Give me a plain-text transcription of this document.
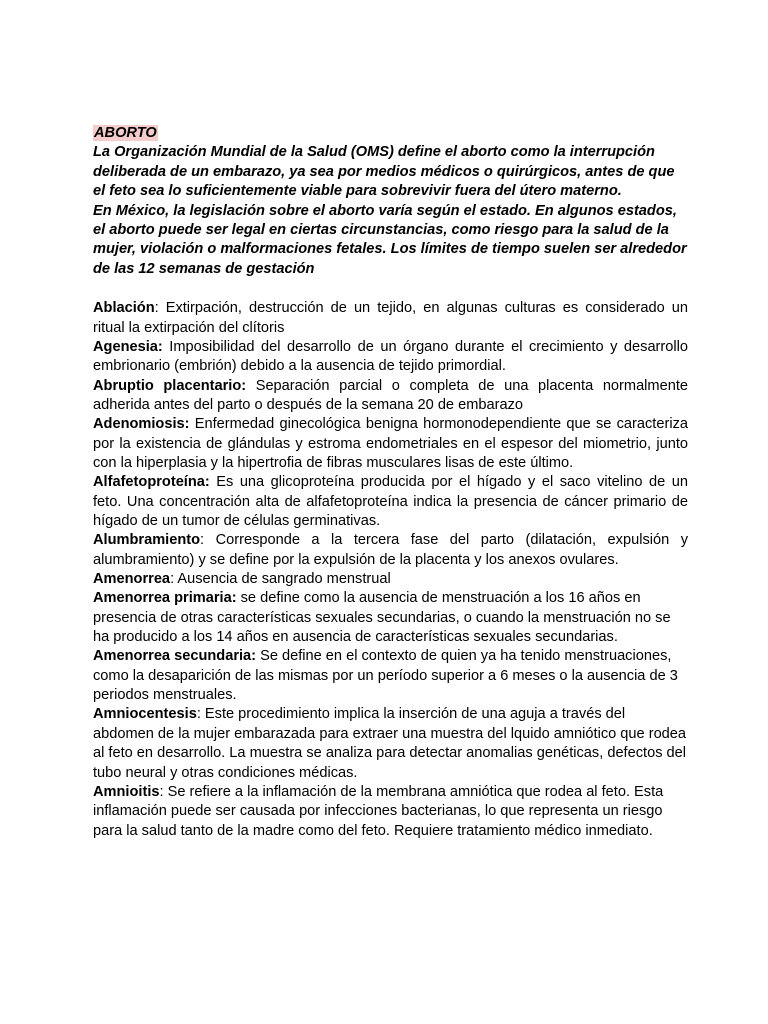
ABORTO

La Organización Mundial de la Salud (OMS) define el aborto como la interrupción deliberada de un embarazo, ya sea por medios médicos o quirúrgicos, antes de que el feto sea lo suficientemente viable para sobrevivir fuera del útero materno.

En México, la legislación sobre el aborto varía según el estado. En algunos estados, el aborto puede ser legal en ciertas circunstancias, como riesgo para la salud de la mujer, violación o malformaciones fetales. Los límites de tiempo suelen ser alrededor de las 12 semanas de gestación

Ablación: Extirpación, destrucción de un tejido, en algunas culturas es considerado un ritual la extirpación del clítoris

Agenesia: Imposibilidad del desarrollo de un órgano durante el crecimiento y desarrollo embrionario (embrión) debido a la ausencia de tejido primordial.

Abruptio placentario: Separación parcial o completa de una placenta normalmente adherida antes del parto o después de la semana 20 de embarazo

Adenomiosis: Enfermedad ginecológica benigna hormonodependiente que se caracteriza por la existencia de glándulas y estroma endometriales en el espesor del miometrio, junto con la hiperplasia y la hipertrofia de fibras musculares lisas de este último.

Alfafetoproteína: Es una glicoproteína producida por el hígado y el saco vitelino de un feto. Una concentración alta de alfafetoproteína indica la presencia de cáncer primario de hígado de un tumor de células germinativas.

Alumbramiento: Corresponde a la tercera fase del parto (dilatación, expulsión y alumbramiento) y se define por la expulsión de la placenta y los anexos ovulares.

Amenorrea: Ausencia de sangrado menstrual

Amenorrea primaria: se define como la ausencia de menstruación a los 16 años en presencia de otras características sexuales secundarias, o cuando la menstruación no se ha producido a los 14 años en ausencia de características sexuales secundarias.

Amenorrea secundaria: Se define en el contexto de quien ya ha tenido menstruaciones, como la desaparición de las mismas por un período superior a 6 meses o la ausencia de 3 periodos menstruales.

Amniocentesis: Este procedimiento implica la inserción de una aguja a través del abdomen de la mujer embarazada para extraer una muestra del lquido amniótico que rodea al feto en desarrollo. La muestra se analiza para detectar anomalias genéticas, defectos del tubo neural y otras condiciones médicas.

Amnioitis: Se refiere a la inflamación de la membrana amniótica que rodea al feto. Esta inflamación puede ser causada por infecciones bacterianas, lo que representa un riesgo para la salud tanto de la madre como del feto. Requiere tratamiento médico inmediato.
